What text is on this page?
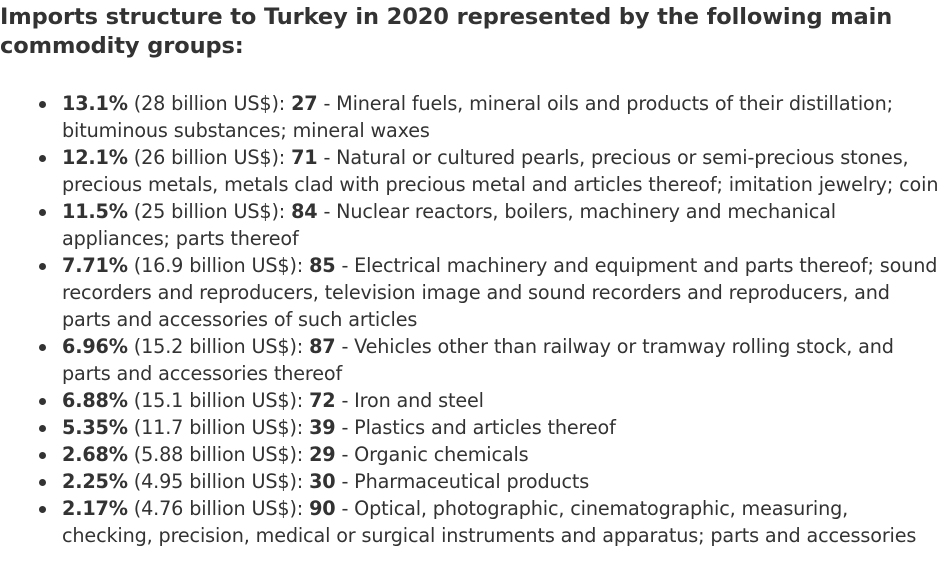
Imports structure to Turkey in 2020 represented by the following main commodity groups:
13.1% (28 billion US$): 27 - Mineral fuels, mineral oils and products of their distillation; bituminous substances; mineral waxes
12.1% (26 billion US$): 71 - Natural or cultured pearls, precious or semi-precious stones, precious metals, metals clad with precious metal and articles thereof; imitation jewelry; coin
11.5% (25 billion US$): 84 - Nuclear reactors, boilers, machinery and mechanical appliances; parts thereof
7.71% (16.9 billion US$): 85 - Electrical machinery and equipment and parts thereof; sound recorders and reproducers, television image and sound recorders and reproducers, and parts and accessories of such articles
6.96% (15.2 billion US$): 87 - Vehicles other than railway or tramway rolling stock, and parts and accessories thereof
6.88% (15.1 billion US$): 72 - Iron and steel
5.35% (11.7 billion US$): 39 - Plastics and articles thereof
2.68% (5.88 billion US$): 29 - Organic chemicals
2.25% (4.95 billion US$): 30 - Pharmaceutical products
2.17% (4.76 billion US$): 90 - Optical, photographic, cinematographic, measuring, checking, precision, medical or surgical instruments and apparatus; parts and accessories
